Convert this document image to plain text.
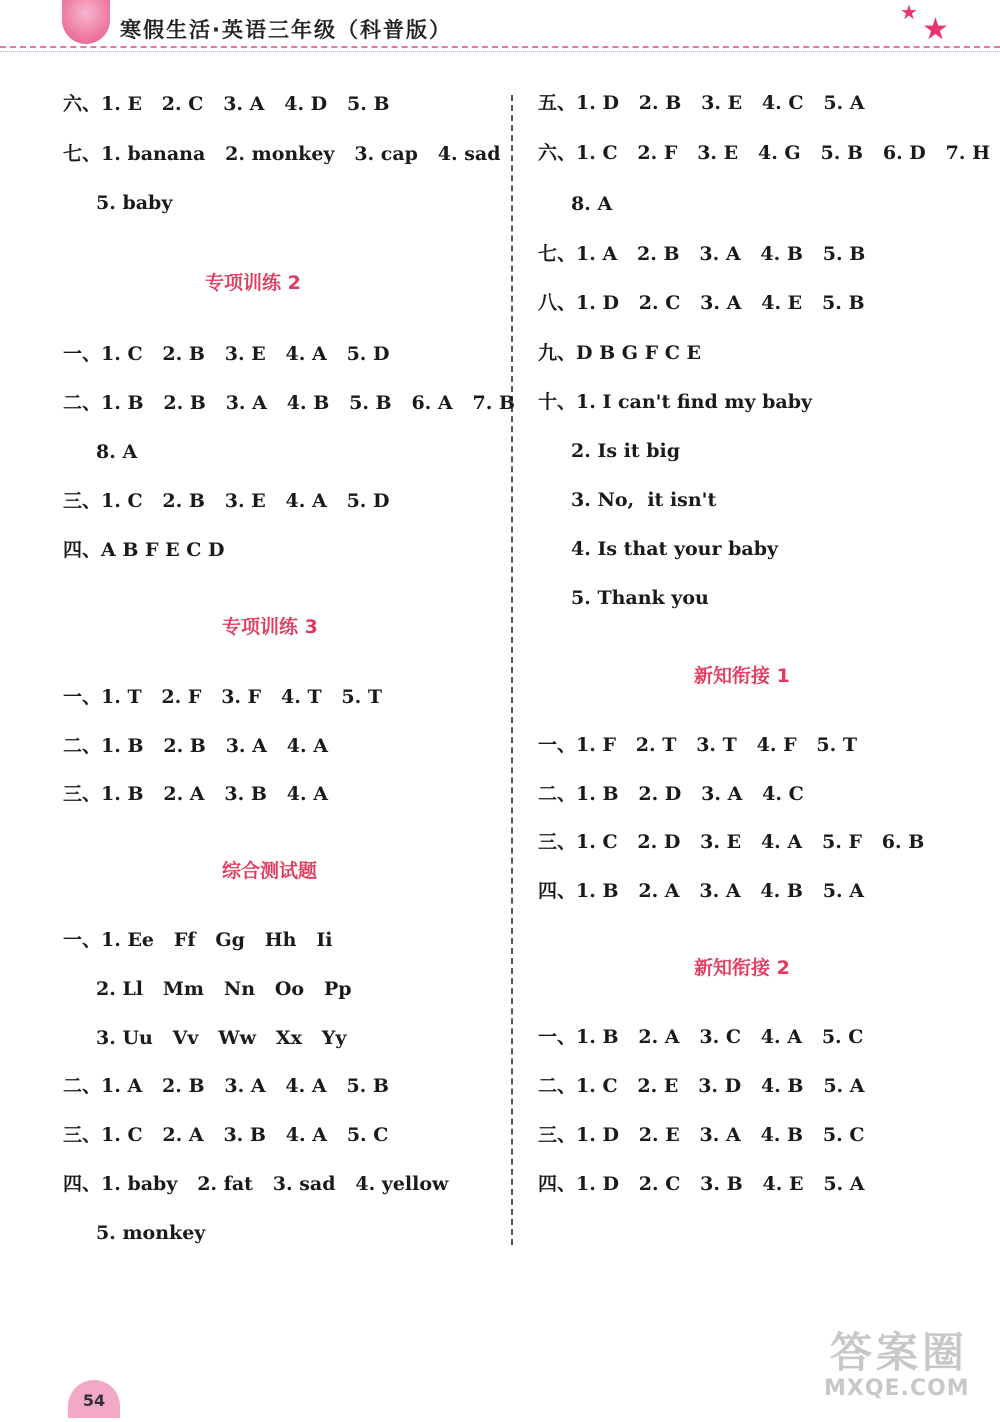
寒假生活·英语三年级（科普版）
★ ★
六、1. E   2. C   3. A   4. D   5. B
七、1. banana   2. monkey   3. cap   4. sad
5. baby
专项训练 2
一、1. C   2. B   3. E   4. A   5. D
二、1. B   2. B   3. A   4. B   5. B   6. A   7. B
8. A
三、1. C   2. B   3. E   4. A   5. D
四、A B F E C D
专项训练 3
一、1. T   2. F   3. F   4. T   5. T
二、1. B   2. B   3. A   4. A
三、1. B   2. A   3. B   4. A
综合测试题
一、1. Ee   Ff   Gg   Hh   Ii
2. Ll   Mm   Nn   Oo   Pp
3. Uu   Vv   Ww   Xx   Yy
二、1. A   2. B   3. A   4. A   5. B
三、1. C   2. A   3. B   4. A   5. C
四、1. baby   2. fat   3. sad   4. yellow
5. monkey
五、1. D   2. B   3. E   4. C   5. A
六、1. C   2. F   3. E   4. G   5. B   6. D   7. H
8. A
七、1. A   2. B   3. A   4. B   5. B
八、1. D   2. C   3. A   4. E   5. B
九、D B G F C E
十、1. I can't find my baby
2. Is it big
3. No,  it isn't
4. Is that your baby
5. Thank you
新知衔接 1
一、1. F   2. T   3. T   4. F   5. T
二、1. B   2. D   3. A   4. C
三、1. C   2. D   3. E   4. A   5. F   6. B
四、1. B   2. A   3. A   4. B   5. A
新知衔接 2
一、1. B   2. A   3. C   4. A   5. C
二、1. C   2. E   3. D   4. B   5. A
三、1. D   2. E   3. A   4. B   5. C
四、1. D   2. C   3. B   4. E   5. A
54
答案圈
MXQE.COM
